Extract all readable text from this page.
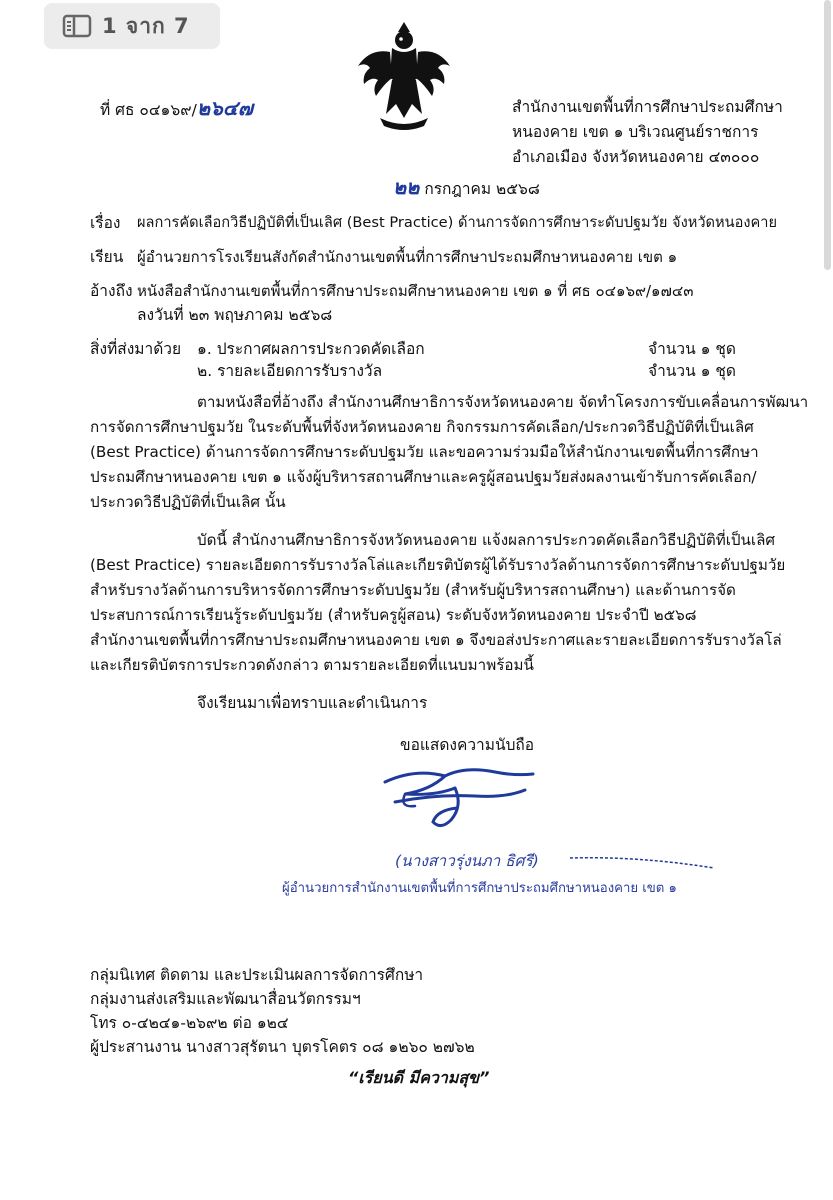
1 จาก 7
ที่ ศธ ๐๔๑๖๙/๒๖๔๗	สำนักงานเขตพื้นที่การศึกษาประถมศึกษา
หนองคาย เขต ๑ บริเวณศูนย์ราชการ
อำเภอเมือง จังหวัดหนองคาย ๔๓๐๐๐
๒๒ กรกฎาคม ๒๕๖๘
เรื่อง ผลการคัดเลือกวิธีปฏิบัติที่เป็นเลิศ (Best Practice) ด้านการจัดการศึกษาระดับปฐมวัย จังหวัดหนองคาย
เรียน ผู้อำนวยการโรงเรียนสังกัดสำนักงานเขตพื้นที่การศึกษาประถมศึกษาหนองคาย เขต ๑
อ้างถึง หนังสือสำนักงานเขตพื้นที่การศึกษาประถมศึกษาหนองคาย เขต ๑ ที่ ศธ ๐๔๑๖๙/๑๗๔๓
ลงวันที่ ๒๓ พฤษภาคม ๒๕๖๘
สิ่งที่ส่งมาด้วย ๑. ประกาศผลการประกวดคัดเลือก	จำนวน ๑ ชุด
๒. รายละเอียดการรับรางวัล	จำนวน ๑ ชุด
ตามหนังสือที่อ้างถึง สำนักงานศึกษาธิการจังหวัดหนองคาย จัดทำโครงการขับเคลื่อนการพัฒนา
การจัดการศึกษาปฐมวัย ในระดับพื้นที่จังหวัดหนองคาย กิจกรรมการคัดเลือก/ประกวดวิธีปฏิบัติที่เป็นเลิศ
(Best Practice) ด้านการจัดการศึกษาระดับปฐมวัย และขอความร่วมมือให้สำนักงานเขตพื้นที่การศึกษา
ประถมศึกษาหนองคาย เขต ๑ แจ้งผู้บริหารสถานศึกษาและครูผู้สอนปฐมวัยส่งผลงานเข้ารับการคัดเลือก/
ประกวดวิธีปฏิบัติที่เป็นเลิศ นั้น
บัดนี้ สำนักงานศึกษาธิการจังหวัดหนองคาย แจ้งผลการประกวดคัดเลือกวิธีปฏิบัติที่เป็นเลิศ
(Best Practice) รายละเอียดการรับรางวัลโล่และเกียรติบัตรผู้ได้รับรางวัลด้านการจัดการศึกษาระดับปฐมวัย
สำหรับรางวัลด้านการบริหารจัดการศึกษาระดับปฐมวัย (สำหรับผู้บริหารสถานศึกษา) และด้านการจัด
ประสบการณ์การเรียนรู้ระดับปฐมวัย (สำหรับครูผู้สอน) ระดับจังหวัดหนองคาย ประจำปี ๒๕๖๘
สำนักงานเขตพื้นที่การศึกษาประถมศึกษาหนองคาย เขต ๑ จึงขอส่งประกาศและรายละเอียดการรับรางวัลโล่
และเกียรติบัตรการประกวดดังกล่าว ตามรายละเอียดที่แนบมาพร้อมนี้
จึงเรียนมาเพื่อทราบและดำเนินการ
ขอแสดงความนับถือ
(นางสาวรุ่งนภา ธิศรี)
ผู้อำนวยการสำนักงานเขตพื้นที่การศึกษาประถมศึกษาหนองคาย เขต ๑
กลุ่มนิเทศ ติดตาม และประเมินผลการจัดการศึกษา
กลุ่มงานส่งเสริมและพัฒนาสื่อนวัตกรรมฯ
โทร ๐-๔๒๔๑-๒๖๙๒ ต่อ ๑๒๔
ผู้ประสานงาน นางสาวสุรัตนา บุตรโคตร ๐๘ ๑๒๖๐ ๒๗๖๒
“เรียนดี มีความสุข”
